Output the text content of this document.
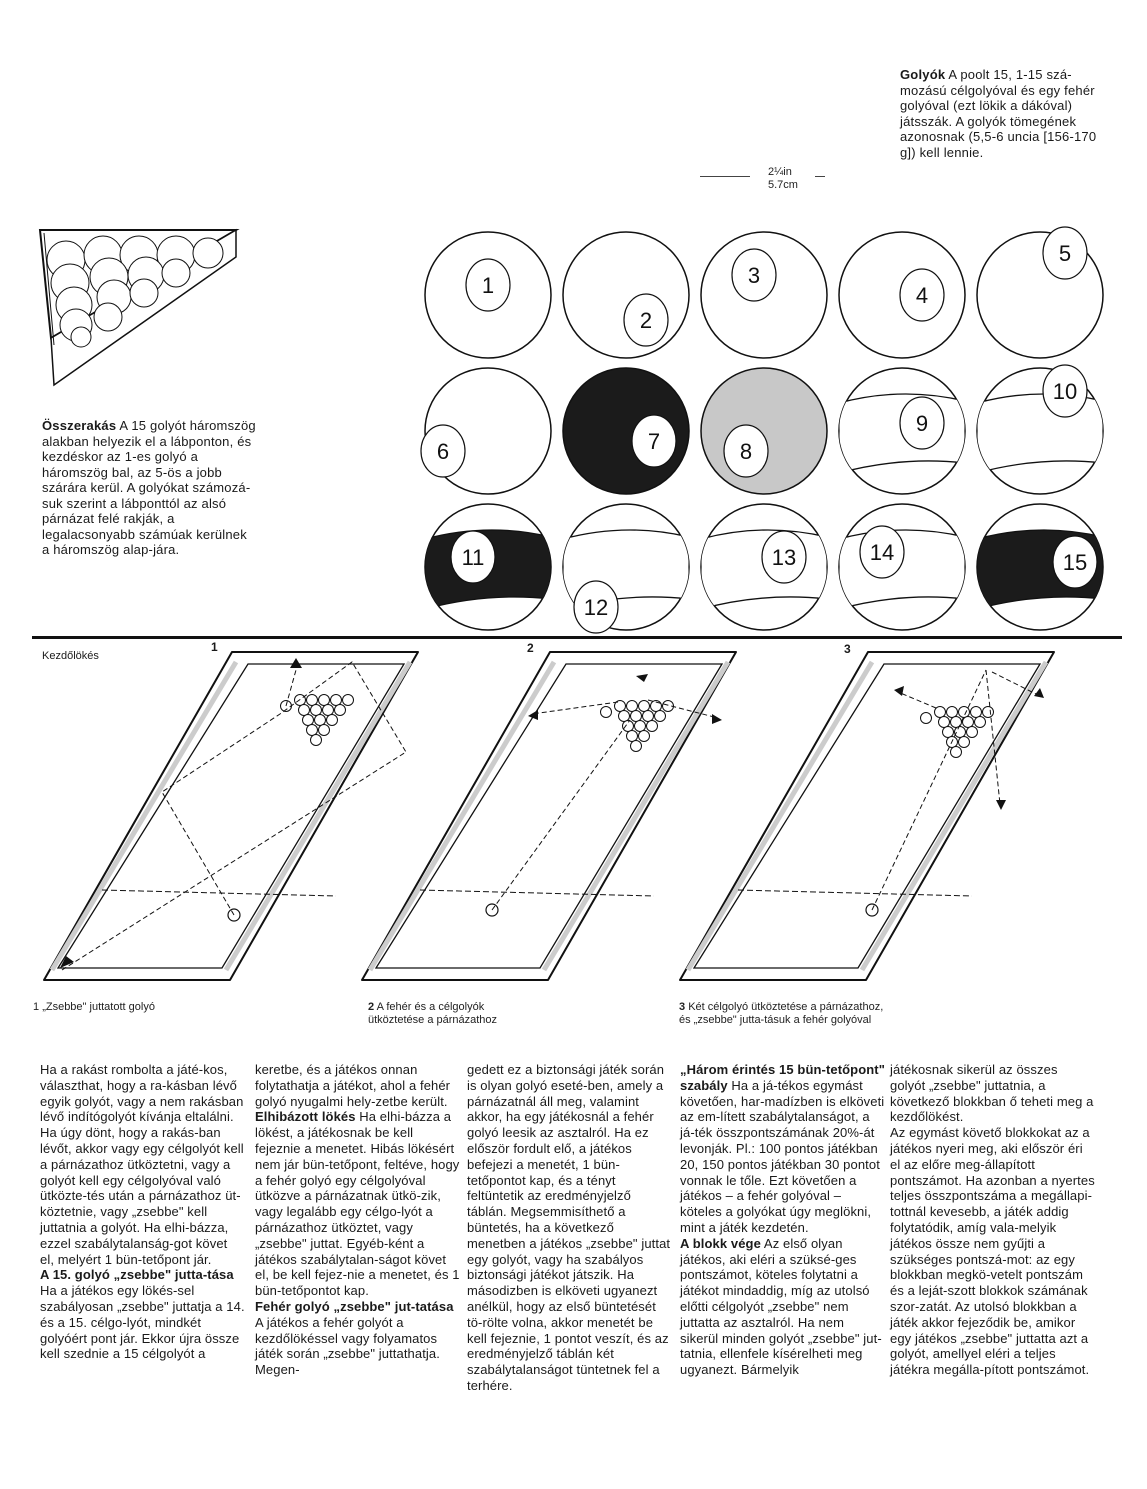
Golyók A poolt 15, 1-15 szá-mozású célgolyóval és egy fehér golyóval (ezt lökik a dákóval) játsszák. A golyók tömegének azonosnak (5,5-6 uncia [156-170 g]) kell lennie.
2¼in
5.7cm
Összerakás A 15 golyót háromszög alakban helyezik el a lábponton, és kezdéskor az 1-es golyó a háromszög bal, az 5-ös a jobb szárára kerül. A golyókat számozá-suk szerint a lábponttól az alsó párnázat felé rakják, a legalacsonyabb számúak kerülnek a háromszög alap-jára.
1
2
3
4
5
6	7	8
9
10
11
12
13	14	15
Kezdőlökés
1	2	3
1 „Zsebbe" juttatott golyó	2 A fehér és a célgolyók ütköztetése a párnázathoz
3 Két célgolyó ütköztetése a párnázathoz, és „zsebbe" jutta-tásuk a fehér golyóval

Ha a rakást rombolta a játé-kos, választhat, hogy a ra-kásban lévő egyik golyót, vagy a nem rakásban lévő indítógolyót kívánja eltalálni. Ha úgy dönt, hogy a rakás-ban lévőt, akkor vagy egy célgolyót kell a párnázathoz ütköztetni, vagy a golyót kell egy célgolyóval való ütközte-tés után a párnázathoz üt-köztetnie, vagy „zsebbe" kell juttatnia a golyót. Ha elhi-bázza, ezzel szabálytalanság-got követ el, melyért 1 bün-tetőpont jár.

A 15. golyó „zsebbe" jutta-tása Ha a játékos egy lökés-sel szabályosan „zsebbe" juttatja a 14. és a 15. célgo-lyót, mindkét golyóért pont jár. Ekkor újra össze kell szednie a 15 célgolyót a

keretbe, és a játékos onnan folytathatja a játékot, ahol a fehér golyó nyugalmi hely-zetbe került.

Elhibázott lökés Ha elhi-bázza a lökést, a játékosnak be kell fejeznie a menetet. Hibás lökésért nem jár bün-tetőpont, feltéve, hogy a fehér golyó egy célgolyóval ütközve a párnázatnak ütkö-zik, vagy legalább egy célgo-lyót a párnázathoz ütköztet, vagy „zsebbe" juttat. Egyéb-ként a játékos szabálytalan-ságot követ el, be kell fejez-nie a menetet, és 1 bün-tetőpontot kap.

Fehér golyó „zsebbe" jut-tatása A játékos a fehér golyót a kezdőlökéssel vagy folyamatos játék során „zsebbe" juttathatja. Megen-

gedett ez a biztonsági játék során is olyan golyó eseté-ben, amely a párnázatnál áll meg, valamint akkor, ha egy játékosnál a fehér golyó leesik az asztalról. Ha ez először fordult elő, a játékos befejezi a menetét, 1 bün-tetőpontot kap, és a tényt feltüntetik az eredményjelző táblán. Megsemmisíthető a büntetés, ha a következő menetben a játékos „zsebbe" juttat egy golyót, vagy ha szabályos biztonsági játékot játszik. Ha másodizben is elköveti ugyanezt anélkül, hogy az első büntetését tö-rölte volna, akkor menetét be kell fejeznie, 1 pontot veszít, és az eredményjelző táblán két szabálytalanságot tüntetnek fel a terhére.

„Három érintés 15 bün-tetőpont" szabály Ha a já-tékos egymást követően, har-madízben is elköveti az em-lített szabálytalanságot, a já-ték összpontszámának 20%-át levonják. Pl.: 100 pontos játékban 20, 150 pontos játékban 30 pontot vonnak le tőle. Ezt követően a játékos – a fehér golyóval – köteles a golyókat úgy meglökni, mint a játék kezdetén.

A blokk vége Az első olyan játékos, aki eléri a szüksé-ges pontszámot, köteles folytatni a játékot mindaddig, míg az utolsó előtti célgolyót „zsebbe" nem juttatta az asztalról. Ha nem sikerül minden golyót „zsebbe" jut-tatnia, ellenfele kísérelheti meg ugyanezt. Bármelyik

játékosnak sikerül az összes golyót „zsebbe" juttatnia, a következő blokkban ő teheti meg a kezdőlökést.

Az egymást követő blokkokat az a játékos nyeri meg, aki először éri el az előre meg-állapított pontszámot. Ha azonban a nyertes teljes összpontszáma a megállapi-tottnál kevesebb, a játék addig folytatódik, amíg vala-melyik játékos össze nem gyűjti a szükséges pontszá-mot: az egy blokkban megkö-vetelt pontszám és a leját-szott blokkok számának szor-zatát. Az utolsó blokkban a játék akkor fejeződik be, amikor egy játékos „zsebbe" juttatta azt a golyót, amellyel eléri a teljes játékra megálla-pított pontszámot.
